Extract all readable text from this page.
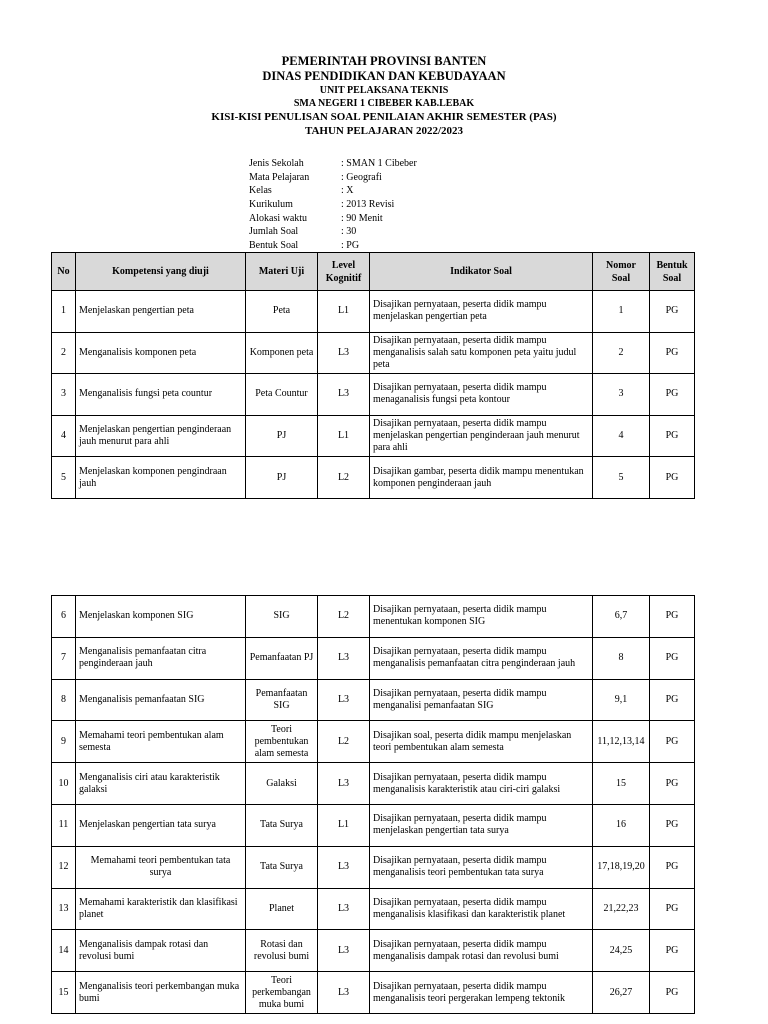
PEMERINTAH PROVINSI BANTEN
DINAS PENDIDIKAN DAN KEBUDAYAAN
UNIT PELAKSANA TEKNIS
SMA NEGERI 1 CIBEBER KAB.LEBAK
KISI-KISI PENULISAN SOAL PENILAIAN AKHIR SEMESTER (PAS)
TAHUN PELAJARAN 2022/2023
Jenis Sekolah	: SMAN 1 Cibeber
Mata Pelajaran	: Geografi
Kelas	: X
Kurikulum	: 2013 Revisi
Alokasi waktu	: 90 Menit
Jumlah Soal	: 30
Bentuk Soal	: PG
No	Kompetensi yang diuji	Materi Uji	Level Kognitif	Indikator Soal	Nomor Soal	Bentuk Soal
1	Menjelaskan pengertian peta	Peta	L1	Disajikan pernyataan, peserta didik mampu menjelaskan pengertian peta	1	PG
2	Menganalisis komponen peta	Komponen peta	L3	Disajikan pernyataan, peserta didik mampu menganalisis salah satu komponen peta yaitu judul peta	2	PG
3	Menganalisis fungsi peta countur	Peta Countur	L3	Disajikan pernyataan, peserta didik mampu menaganalisis fungsi peta kontour	3	PG
4	Menjelaskan pengertian penginderaan jauh menurut para ahli	PJ	L1	Disajikan pernyataan, peserta didik mampu menjelaskan pengertian penginderaan jauh menurut para ahli	4	PG
5	Menjelaskan komponen pengindraan jauh	PJ	L2	Disajikan gambar, peserta didik mampu menentukan komponen penginderaan jauh	5	PG
6	Menjelaskan komponen SIG	SIG	L2	Disajikan pernyataan, peserta didik mampu menentukan komponen SIG	6,7	PG
7	Menganalisis pemanfaatan citra penginderaan jauh	Pemanfaatan PJ	L3	Disajikan pernyataan, peserta didik mampu menganalisis pemanfaatan citra penginderaan jauh	8	PG
8	Menganalisis pemanfaatan SIG	Pemanfaatan SIG	L3	Disajikan pernyataan, peserta didik mampu menganalisi pemanfaatan SIG	9,1	PG
9	Memahami teori pembentukan alam semesta	Teori pembentukan alam semesta	L2	Disajikan soal, peserta didik mampu menjelaskan teori pembentukan alam semesta	11,12,13,14	PG
10	Menganalisis ciri atau karakteristik galaksi	Galaksi	L3	Disajikan pernyataan, peserta didik mampu menganalisis karakteristik atau ciri-ciri galaksi	15	PG
11	Menjelaskan pengertian tata surya	Tata Surya	L1	Disajikan pernyataan, peserta didik mampu menjelaskan pengertian tata surya	16	PG
12	Memahami teori pembentukan tata surya	Tata Surya	L3	Disajikan pernyataan, peserta didik mampu menganalisis teori pembentukan tata surya	17,18,19,20	PG
13	Memahami karakteristik dan klasifikasi planet	Planet	L3	Disajikan pernyataan, peserta didik mampu menganalisis klasifikasi dan karakteristik planet	21,22,23	PG
14	Menganalisis dampak rotasi dan revolusi bumi	Rotasi dan revolusi bumi	L3	Disajikan pernyataan, peserta didik mampu menganalisis dampak rotasi dan revolusi bumi	24,25	PG
15	Menganalisis teori perkembangan muka bumi	Teori perkembangan muka bumi	L3	Disajikan pernyataan, peserta didik mampu menganalisis teori pergerakan lempeng tektonik	26,27	PG
